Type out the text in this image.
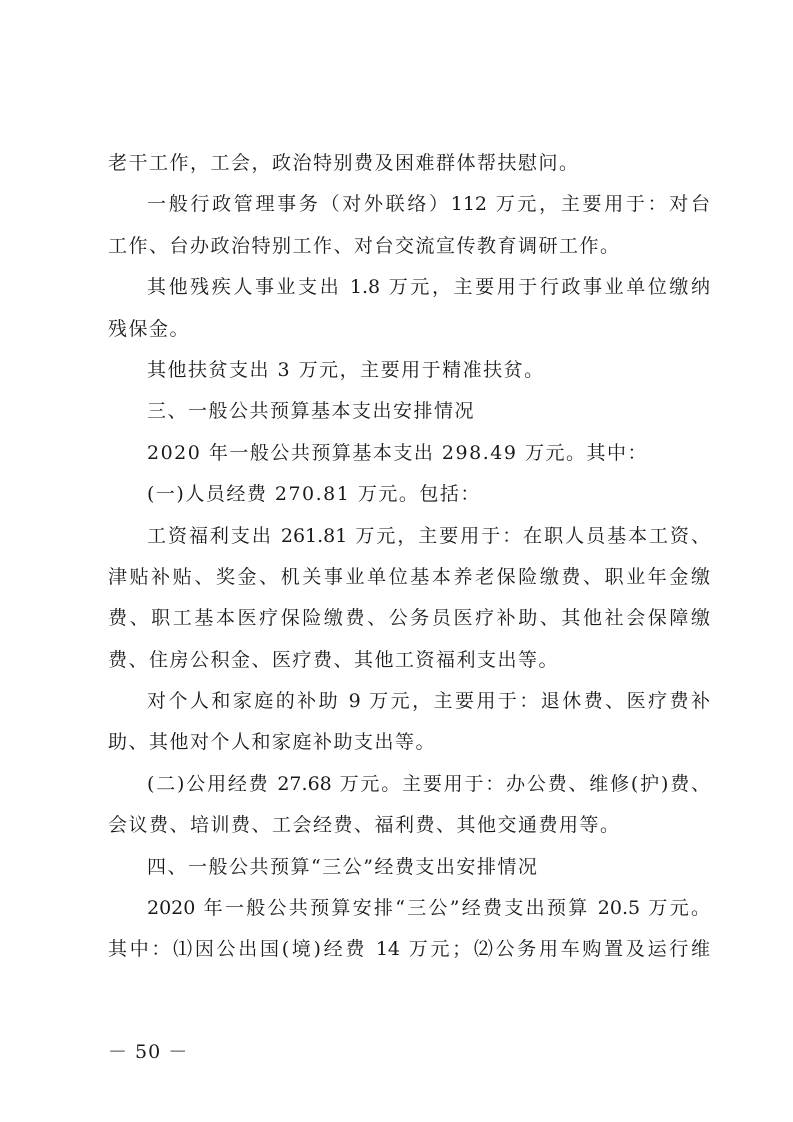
老干工作，工会，政治特别费及困难群体帮扶慰问。
一般行政管理事务（对外联络）112 万元，主要用于：对台
工作、台办政治特别工作、对台交流宣传教育调研工作。
其他残疾人事业支出 1.8 万元，主要用于行政事业单位缴纳
残保金。
其他扶贫支出 3 万元，主要用于精准扶贫。
三、一般公共预算基本支出安排情况
2020 年一般公共预算基本支出 298.49 万元。其中：
(一)人员经费 270.81 万元。包括：
工资福利支出 261.81 万元，主要用于：在职人员基本工资、
津贴补贴、奖金、机关事业单位基本养老保险缴费、职业年金缴
费、职工基本医疗保险缴费、公务员医疗补助、其他社会保障缴
费、住房公积金、医疗费、其他工资福利支出等。
对个人和家庭的补助 9 万元，主要用于：退休费、医疗费补
助、其他对个人和家庭补助支出等。
(二)公用经费 27.68 万元。主要用于：办公费、维修(护)费、
会议费、培训费、工会经费、福利费、其他交通费用等。
四、一般公共预算“三公”经费支出安排情况
2020 年一般公共预算安排“三公”经费支出预算 20.5 万元。
其中：⑴因公出国(境)经费 14 万元；⑵公务用车购置及运行维
－ 50 －
